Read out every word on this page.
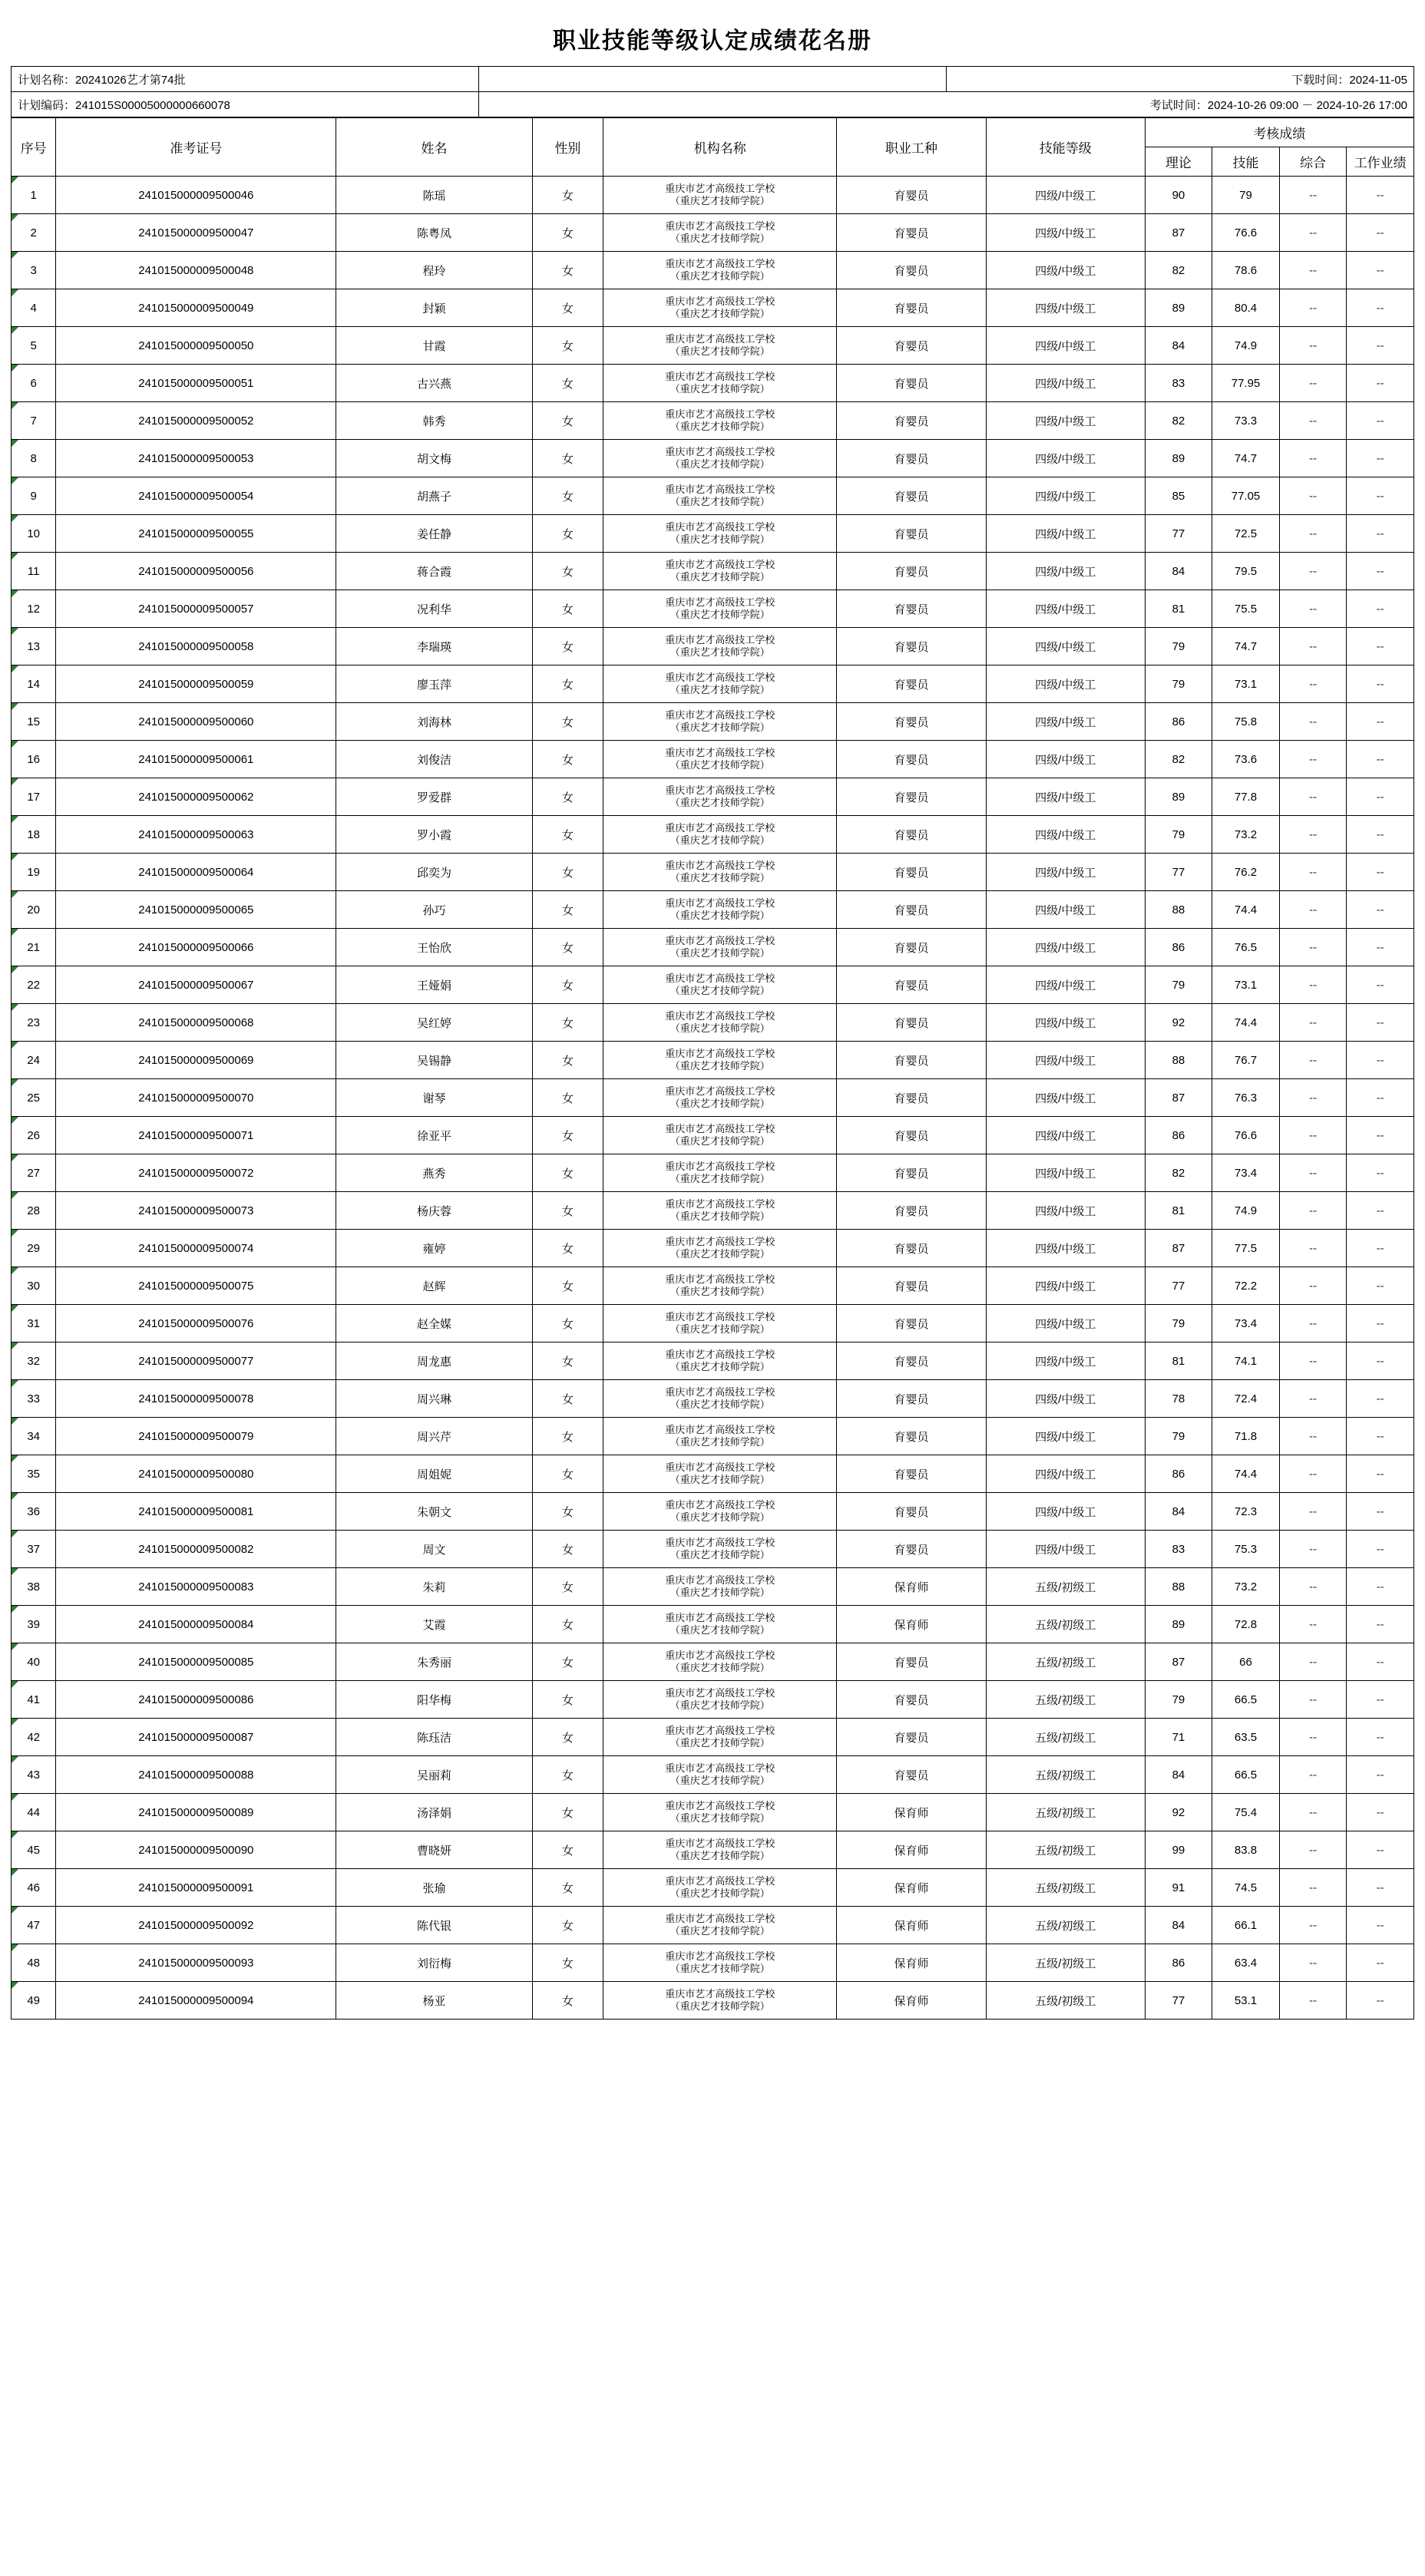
职业技能等级认定成绩花名册
计划名称：20241026艺才第74批		下载时间：2024-11-05
计划编码：241015S00005000000660078	考试时间：2024-10-26 09:00 － 2024-10-26 17:00	
序号	准考证号	姓名	性别	机构名称	职业工种	技能等级	考核成绩			
							理论	技能	综合	工作业绩
1	241015000009500046	陈瑶	女	重庆市艺才高级技工学校
（重庆艺才技师学院）	育婴员	四级/中级工	90	79	--	--
2	241015000009500047	陈粤凤	女	重庆市艺才高级技工学校
（重庆艺才技师学院）	育婴员	四级/中级工	87	76.6	--	--
3	241015000009500048	程玲	女	重庆市艺才高级技工学校
（重庆艺才技师学院）	育婴员	四级/中级工	82	78.6	--	--
4	241015000009500049	封颖	女	重庆市艺才高级技工学校
（重庆艺才技师学院）	育婴员	四级/中级工	89	80.4	--	--
5	241015000009500050	甘霞	女	重庆市艺才高级技工学校
（重庆艺才技师学院）	育婴员	四级/中级工	84	74.9	--	--
6	241015000009500051	古兴燕	女	重庆市艺才高级技工学校
（重庆艺才技师学院）	育婴员	四级/中级工	83	77.95	--	--
7	241015000009500052	韩秀	女	重庆市艺才高级技工学校
（重庆艺才技师学院）	育婴员	四级/中级工	82	73.3	--	--
8	241015000009500053	胡文梅	女	重庆市艺才高级技工学校
（重庆艺才技师学院）	育婴员	四级/中级工	89	74.7	--	--
9	241015000009500054	胡燕子	女	重庆市艺才高级技工学校
（重庆艺才技师学院）	育婴员	四级/中级工	85	77.05	--	--
10	241015000009500055	姜任静	女	重庆市艺才高级技工学校
（重庆艺才技师学院）	育婴员	四级/中级工	77	72.5	--	--
11	241015000009500056	蒋合霞	女	重庆市艺才高级技工学校
（重庆艺才技师学院）	育婴员	四级/中级工	84	79.5	--	--
12	241015000009500057	况利华	女	重庆市艺才高级技工学校
（重庆艺才技师学院）	育婴员	四级/中级工	81	75.5	--	--
13	241015000009500058	李瑞瑛	女	重庆市艺才高级技工学校
（重庆艺才技师学院）	育婴员	四级/中级工	79	74.7	--	--
14	241015000009500059	廖玉萍	女	重庆市艺才高级技工学校
（重庆艺才技师学院）	育婴员	四级/中级工	79	73.1	--	--
15	241015000009500060	刘海林	女	重庆市艺才高级技工学校
（重庆艺才技师学院）	育婴员	四级/中级工	86	75.8	--	--
16	241015000009500061	刘俊洁	女	重庆市艺才高级技工学校
（重庆艺才技师学院）	育婴员	四级/中级工	82	73.6	--	--
17	241015000009500062	罗爱群	女	重庆市艺才高级技工学校
（重庆艺才技师学院）	育婴员	四级/中级工	89	77.8	--	--
18	241015000009500063	罗小霞	女	重庆市艺才高级技工学校
（重庆艺才技师学院）	育婴员	四级/中级工	79	73.2	--	--
19	241015000009500064	邱奕为	女	重庆市艺才高级技工学校
（重庆艺才技师学院）	育婴员	四级/中级工	77	76.2	--	--
20	241015000009500065	孙巧	女	重庆市艺才高级技工学校
（重庆艺才技师学院）	育婴员	四级/中级工	88	74.4	--	--
21	241015000009500066	王怡欣	女	重庆市艺才高级技工学校
（重庆艺才技师学院）	育婴员	四级/中级工	86	76.5	--	--
22	241015000009500067	王娅娟	女	重庆市艺才高级技工学校
（重庆艺才技师学院）	育婴员	四级/中级工	79	73.1	--	--
23	241015000009500068	吴红婷	女	重庆市艺才高级技工学校
（重庆艺才技师学院）	育婴员	四级/中级工	92	74.4	--	--
24	241015000009500069	吴锡静	女	重庆市艺才高级技工学校
（重庆艺才技师学院）	育婴员	四级/中级工	88	76.7	--	--
25	241015000009500070	谢琴	女	重庆市艺才高级技工学校
（重庆艺才技师学院）	育婴员	四级/中级工	87	76.3	--	--
26	241015000009500071	徐亚平	女	重庆市艺才高级技工学校
（重庆艺才技师学院）	育婴员	四级/中级工	86	76.6	--	--
27	241015000009500072	燕秀	女	重庆市艺才高级技工学校
（重庆艺才技师学院）	育婴员	四级/中级工	82	73.4	--	--
28	241015000009500073	杨庆蓉	女	重庆市艺才高级技工学校
（重庆艺才技师学院）	育婴员	四级/中级工	81	74.9	--	--
29	241015000009500074	雍婷	女	重庆市艺才高级技工学校
（重庆艺才技师学院）	育婴员	四级/中级工	87	77.5	--	--
30	241015000009500075	赵辉	女	重庆市艺才高级技工学校
（重庆艺才技师学院）	育婴员	四级/中级工	77	72.2	--	--
31	241015000009500076	赵全媒	女	重庆市艺才高级技工学校
（重庆艺才技师学院）	育婴员	四级/中级工	79	73.4	--	--
32	241015000009500077	周龙惠	女	重庆市艺才高级技工学校
（重庆艺才技师学院）	育婴员	四级/中级工	81	74.1	--	--
33	241015000009500078	周兴琳	女	重庆市艺才高级技工学校
（重庆艺才技师学院）	育婴员	四级/中级工	78	72.4	--	--
34	241015000009500079	周兴芹	女	重庆市艺才高级技工学校
（重庆艺才技师学院）	育婴员	四级/中级工	79	71.8	--	--
35	241015000009500080	周姐妮	女	重庆市艺才高级技工学校
（重庆艺才技师学院）	育婴员	四级/中级工	86	74.4	--	--
36	241015000009500081	朱朝文	女	重庆市艺才高级技工学校
（重庆艺才技师学院）	育婴员	四级/中级工	84	72.3	--	--
37	241015000009500082	周文	女	重庆市艺才高级技工学校
（重庆艺才技师学院）	育婴员	四级/中级工	83	75.3	--	--
38	241015000009500083	朱莉	女	重庆市艺才高级技工学校
（重庆艺才技师学院）	保育师	五级/初级工	88	73.2	--	--
39	241015000009500084	艾霞	女	重庆市艺才高级技工学校
（重庆艺才技师学院）	保育师	五级/初级工	89	72.8	--	--
40	241015000009500085	朱秀丽	女	重庆市艺才高级技工学校
（重庆艺才技师学院）	育婴员	五级/初级工	87	66	--	--
41	241015000009500086	阳华梅	女	重庆市艺才高级技工学校
（重庆艺才技师学院）	育婴员	五级/初级工	79	66.5	--	--
42	241015000009500087	陈珏洁	女	重庆市艺才高级技工学校
（重庆艺才技师学院）	育婴员	五级/初级工	71	63.5	--	--
43	241015000009500088	吴丽莉	女	重庆市艺才高级技工学校
（重庆艺才技师学院）	育婴员	五级/初级工	84	66.5	--	--
44	241015000009500089	汤泽娟	女	重庆市艺才高级技工学校
（重庆艺才技师学院）	保育师	五级/初级工	92	75.4	--	--
45	241015000009500090	曹晓妍	女	重庆市艺才高级技工学校
（重庆艺才技师学院）	保育师	五级/初级工	99	83.8	--	--
46	241015000009500091	张瑜	女	重庆市艺才高级技工学校
（重庆艺才技师学院）	保育师	五级/初级工	91	74.5	--	--
47	241015000009500092	陈代银	女	重庆市艺才高级技工学校
（重庆艺才技师学院）	保育师	五级/初级工	84	66.1	--	--
48	241015000009500093	刘衍梅	女	重庆市艺才高级技工学校
（重庆艺才技师学院）	保育师	五级/初级工	86	63.4	--	--
49	241015000009500094	杨亚	女	重庆市艺才高级技工学校
（重庆艺才技师学院）	保育师	五级/初级工	77	53.1	--	--
